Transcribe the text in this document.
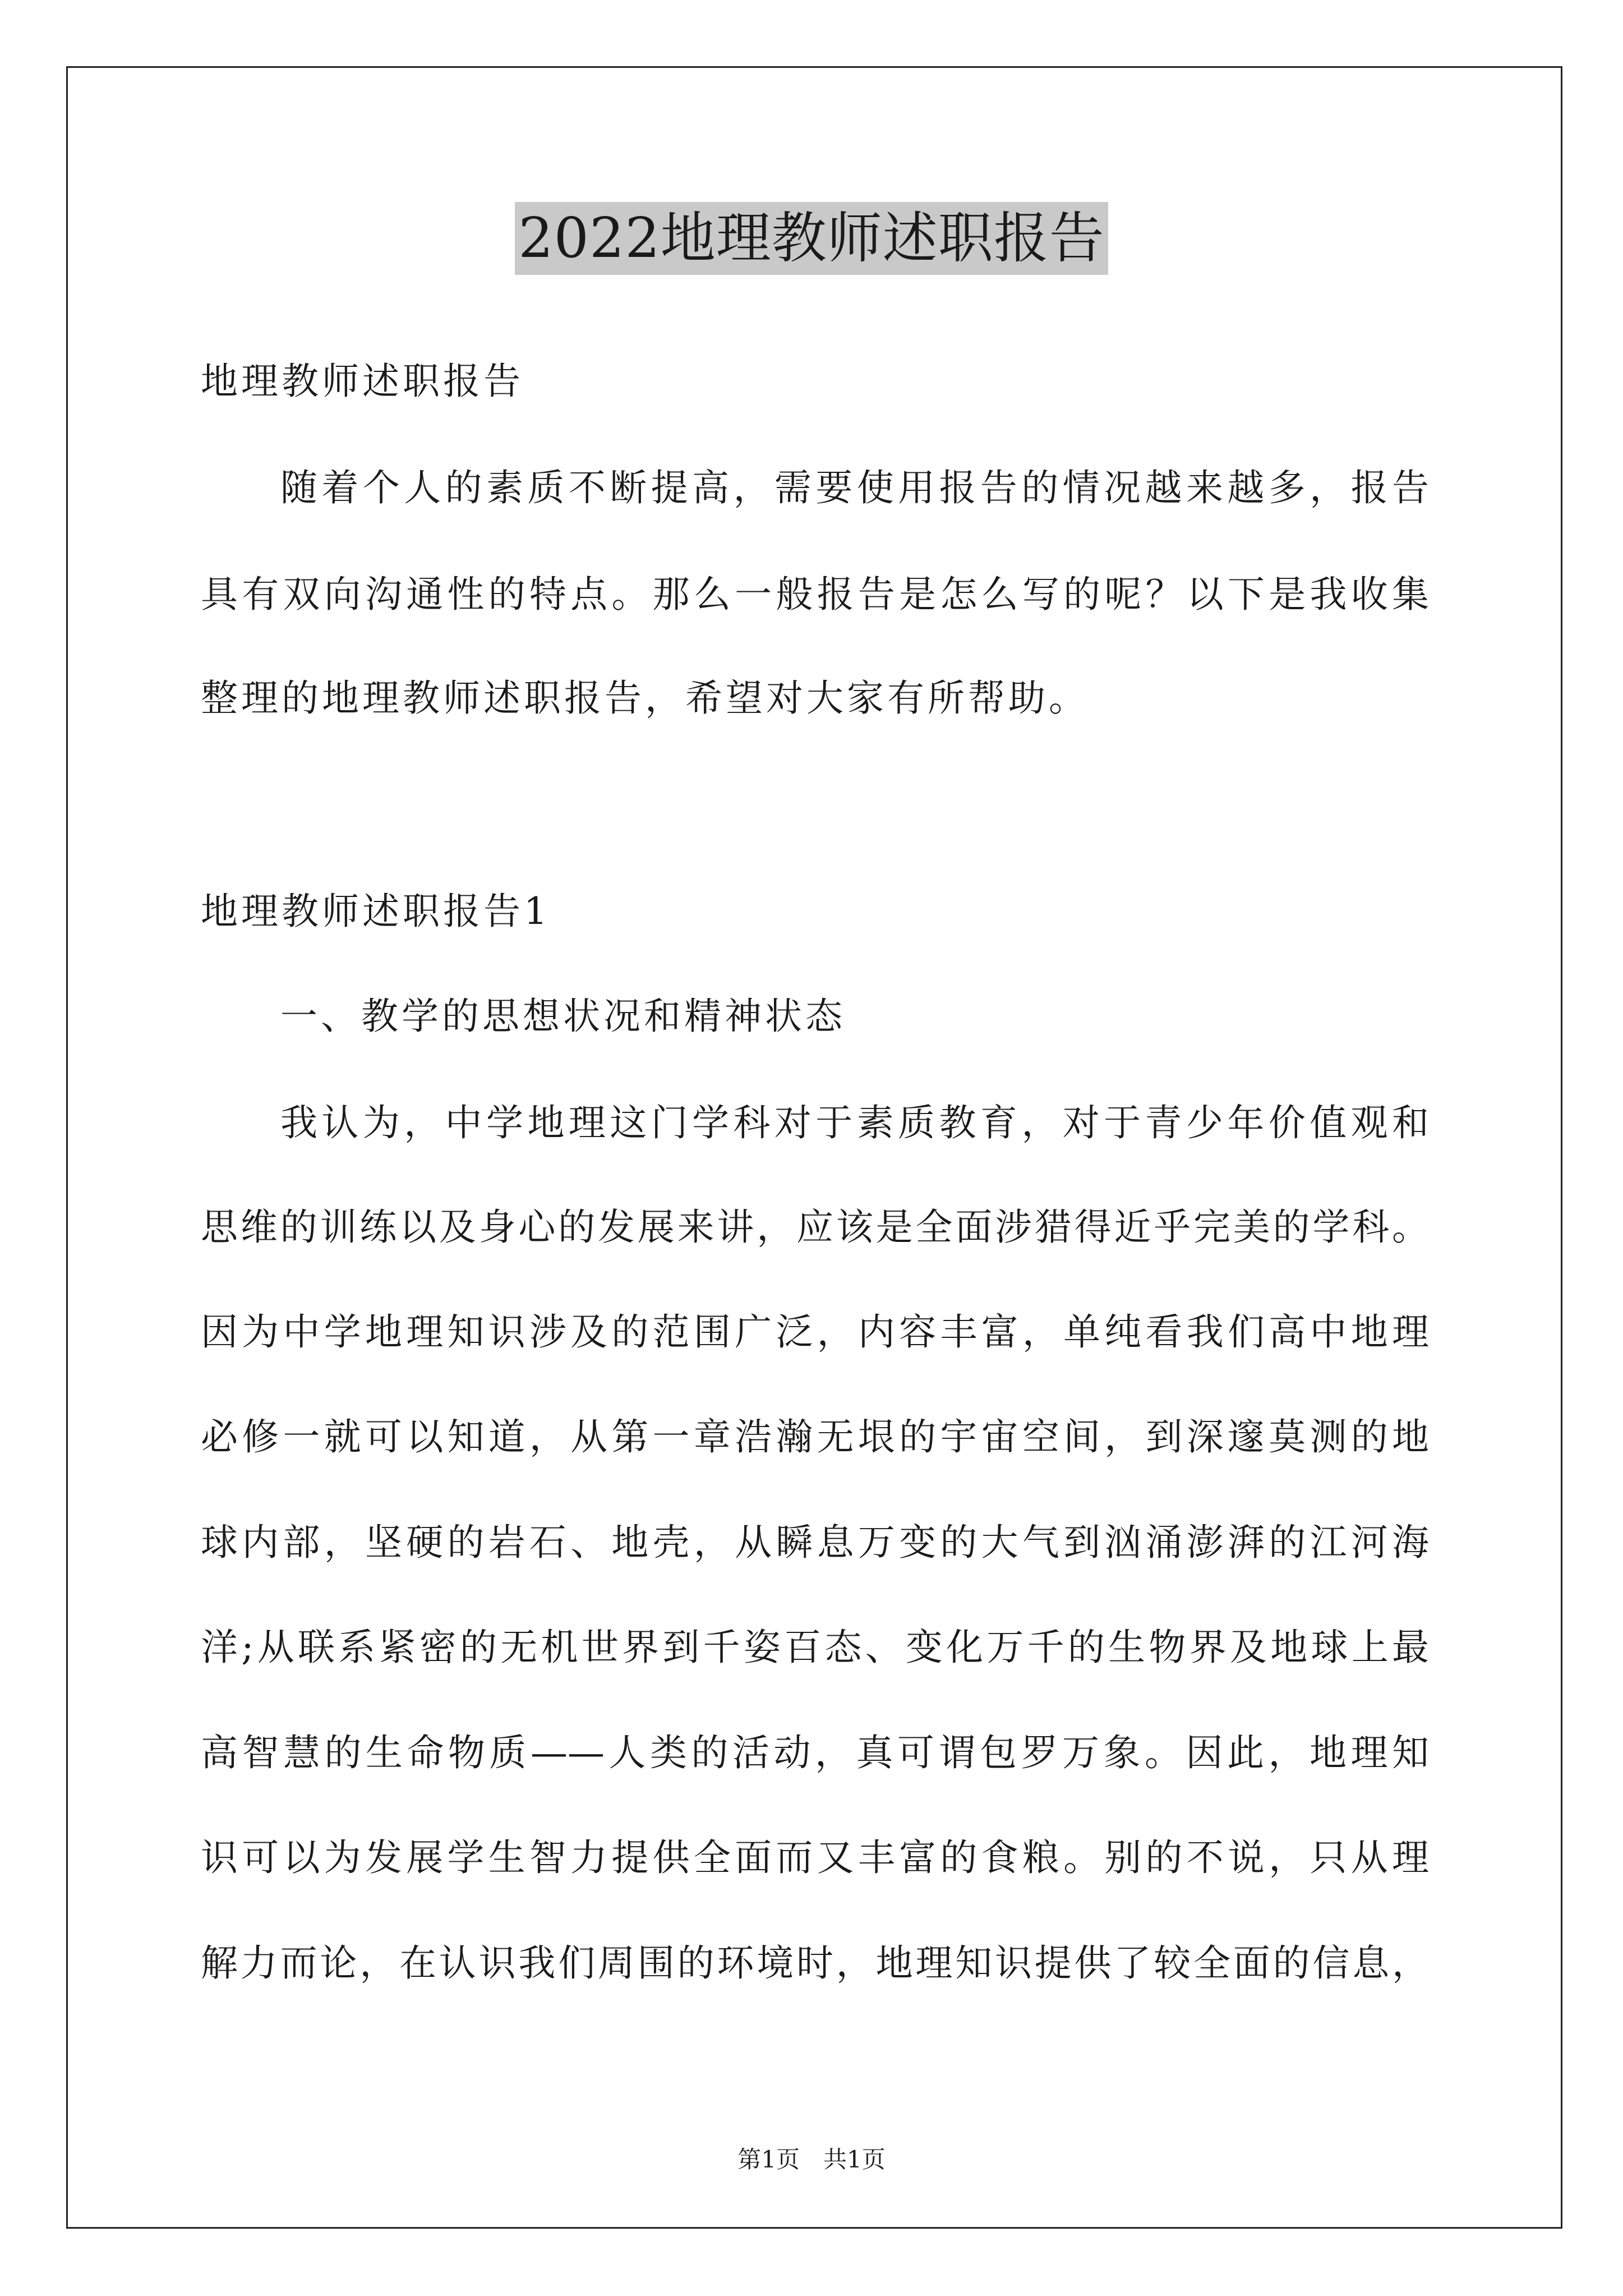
2022地理教师述职报告
地理教师述职报告
随着个人的素质不断提高，需要使用报告的情况越来越多，报告
具有双向沟通性的特点。那么一般报告是怎么写的呢？以下是我收集
整理的地理教师述职报告，希望对大家有所帮助。
地理教师述职报告1
一、教学的思想状况和精神状态
我认为，中学地理这门学科对于素质教育，对于青少年价值观和
思维的训练以及身心的发展来讲，应该是全面涉猎得近乎完美的学科。
因为中学地理知识涉及的范围广泛，内容丰富，单纯看我们高中地理
必修一就可以知道，从第一章浩瀚无垠的宇宙空间，到深邃莫测的地
球内部，坚硬的岩石、地壳，从瞬息万变的大气到汹涌澎湃的江河海
洋;从联系紧密的无机世界到千姿百态、变化万千的生物界及地球上最
高智慧的生命物质——人类的活动，真可谓包罗万象。因此，地理知
识可以为发展学生智力提供全面而又丰富的食粮。别的不说，只从理
解力而论，在认识我们周围的环境时，地理知识提供了较全面的信息，
第1页　共1页
